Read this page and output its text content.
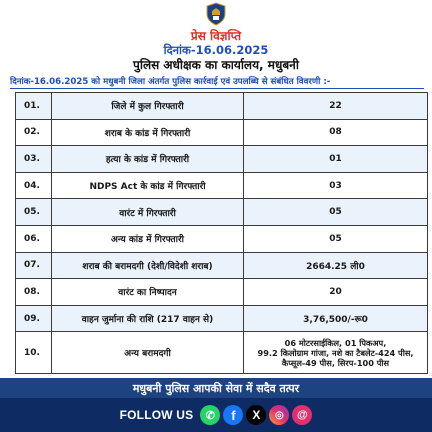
प्रेस विज्ञप्ति
दिनांक-16.06.2025
पुलिस अधीक्षक का कार्यालय, मधुबनी
दिनांक-16.06.2025 को मधुबनी जिला अंतर्गत पुलिस कार्रवाई एवं उपलब्धि से संबंधित विवरणी :-
01.	जिले में कुल गिरफ्तारी	22
02.	शराब के कांड में गिरफ्तारी	08
03.	हत्या के कांड में गिरफ्तारी	01
04.	NDPS Act के कांड में गिरफ्तारी	03
05.	वारंट में गिरफ्तारी	05
06.	अन्य कांड में गिरफ्तारी	05
07.	शराब की बरामदगी (देशी/विदेशी शराब)	2664.25 ली0
08.	वारंट का निष्पादन	20
09.	वाहन जुर्माना की राशि (217 वाहन से)	3,76,500/-रू0
10.	अन्य बरामदगी	06 मोटरसाईकिल, 01 पिकअप,
99.2 किलोग्राम गांजा, नशे का टैबलेट-424 पीस,
कैप्सूल-49 पीस, सिरप-100 पीस
मधुबनी पुलिस आपकी सेवा में सदैव तत्पर
FOLLOW US	✆	f	X	◎	@
